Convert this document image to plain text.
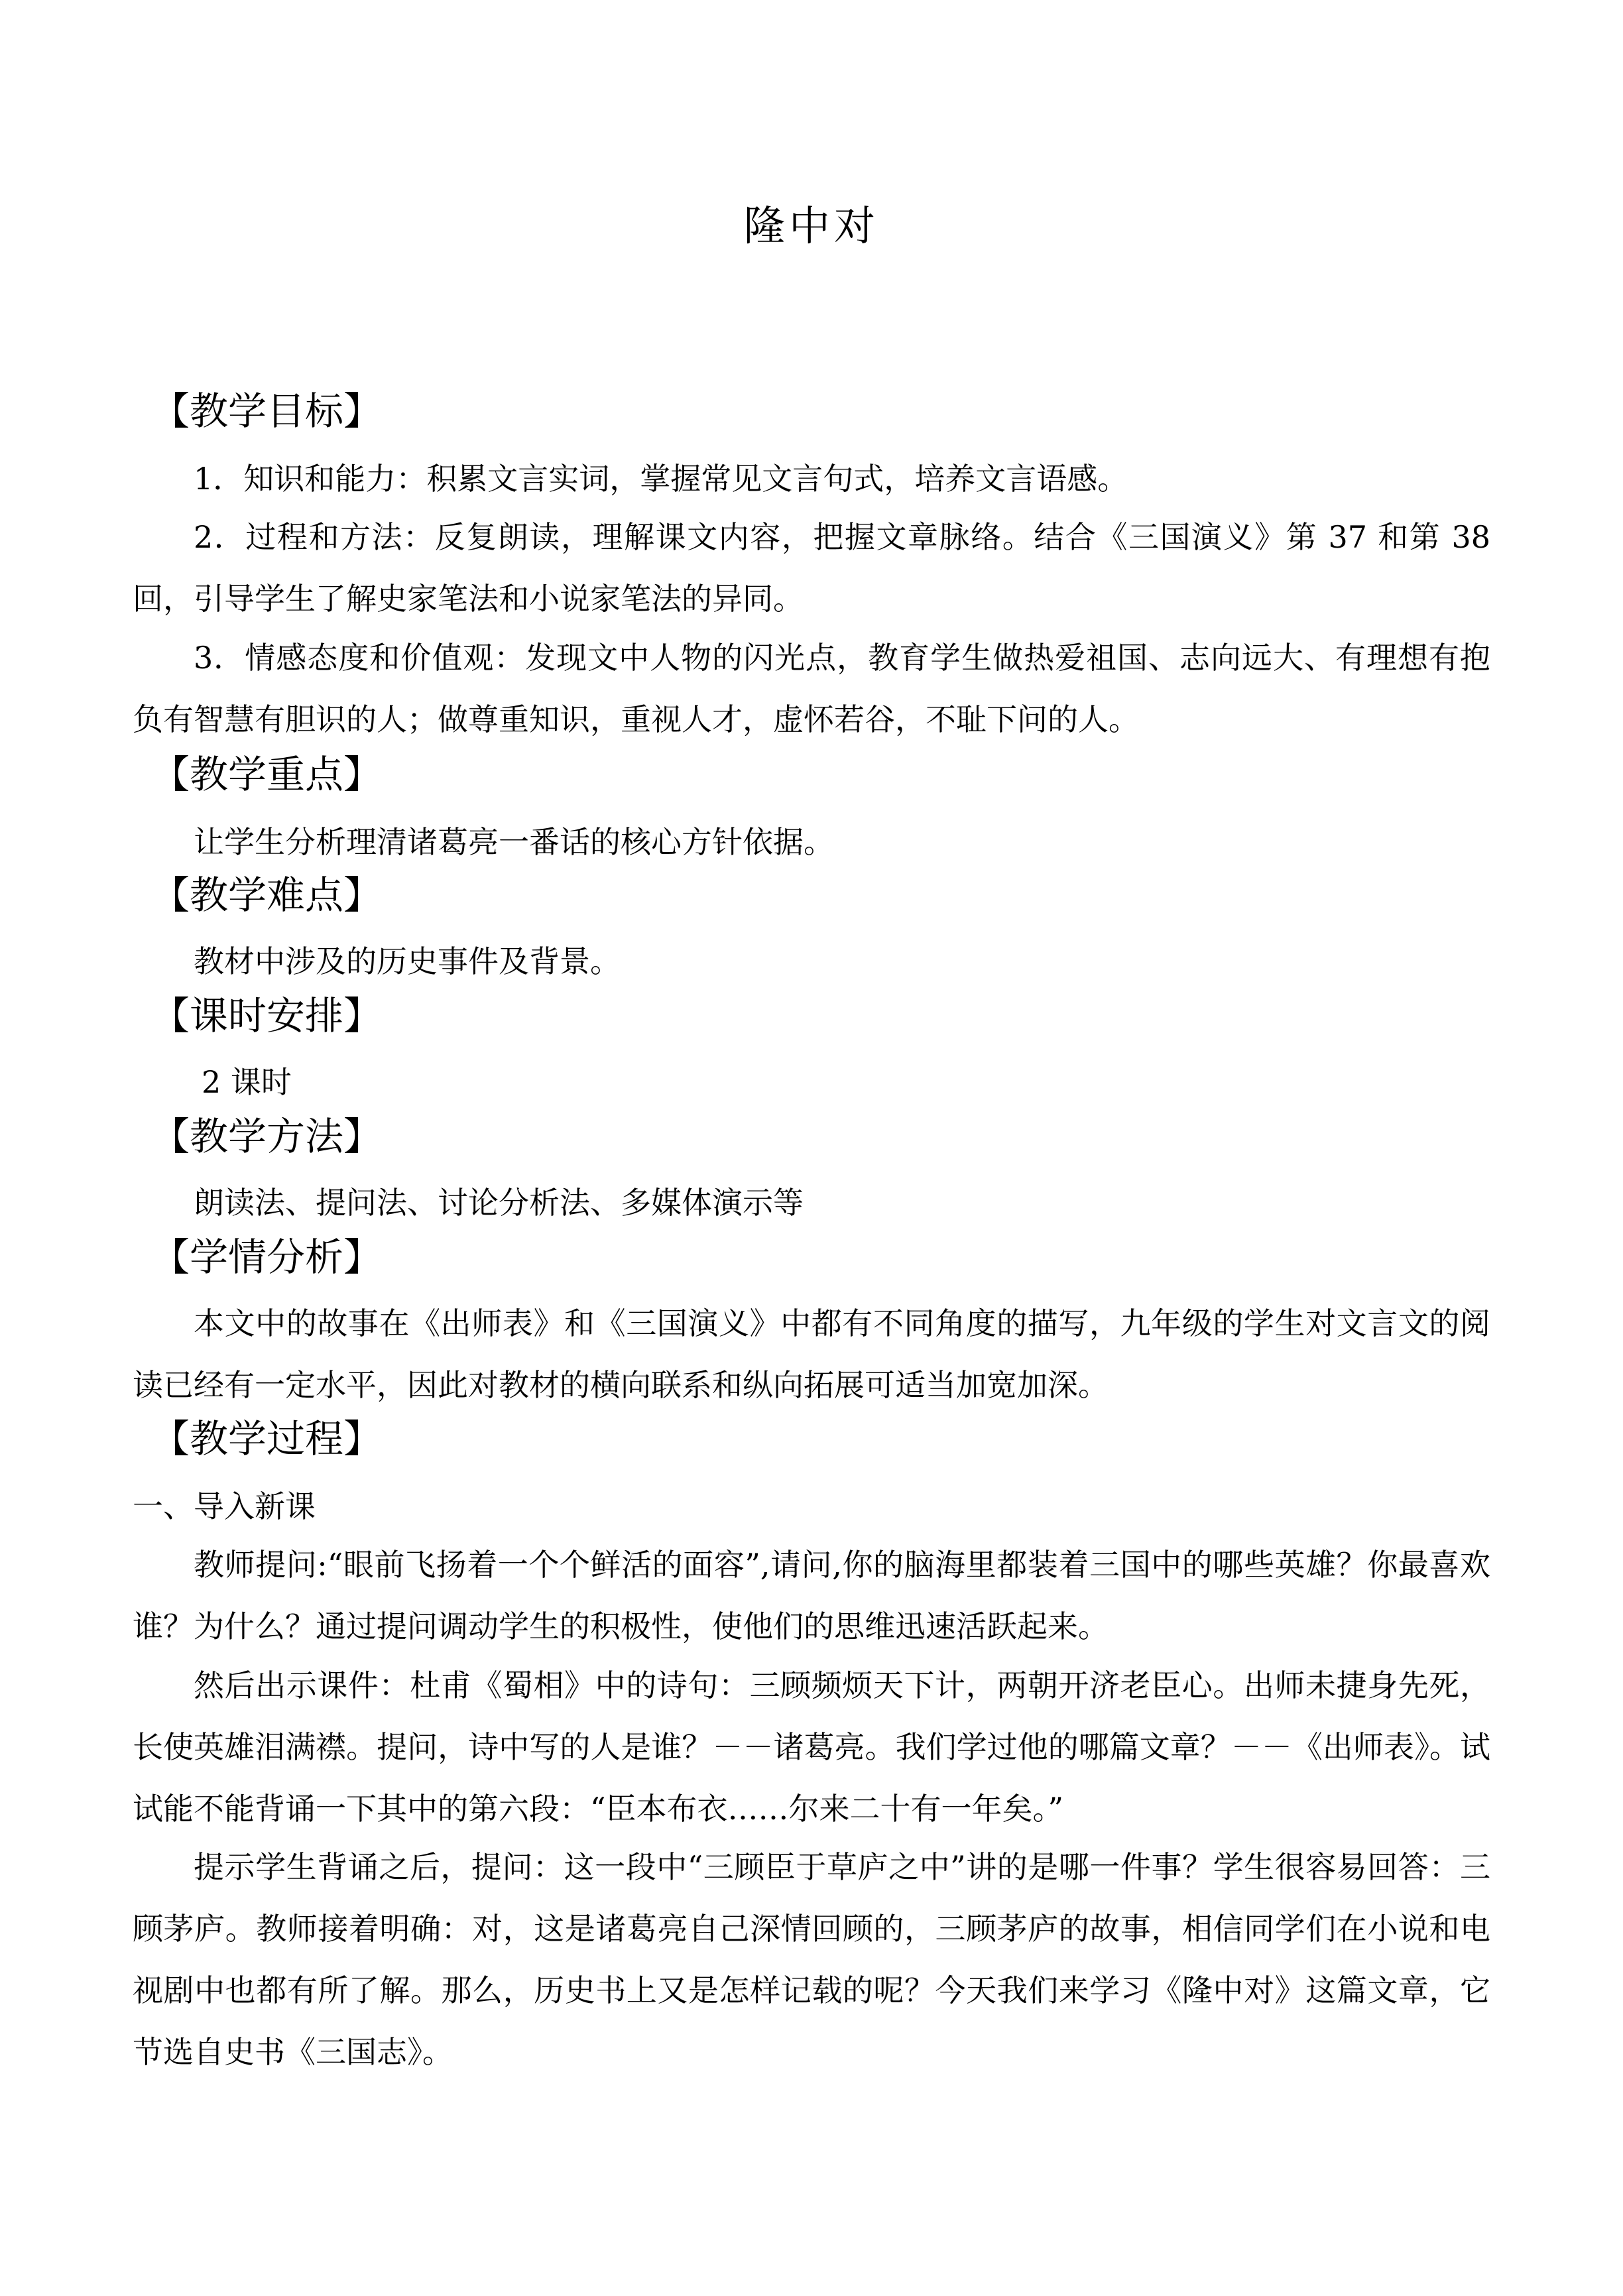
隆中对
【教学目标】
1．知识和能力：积累文言实词，掌握常见文言句式，培养文言语感。
2．过程和方法：反复朗读，理解课文内容，把握文章脉络。结合《三国演义》第 37 和第 38 回，引导学生了解史家笔法和小说家笔法的异同。
3．情感态度和价值观：发现文中人物的闪光点，教育学生做热爱祖国、志向远大、有理想有抱负有智慧有胆识的人；做尊重知识，重视人才，虚怀若谷，不耻下问的人。
【教学重点】
让学生分析理清诸葛亮一番话的核心方针依据。
【教学难点】
教材中涉及的历史事件及背景。
【课时安排】
2 课时
【教学方法】
朗读法、提问法、讨论分析法、多媒体演示等
【学情分析】
本文中的故事在《出师表》和《三国演义》中都有不同角度的描写，九年级的学生对文言文的阅读已经有一定水平，因此对教材的横向联系和纵向拓展可适当加宽加深。
【教学过程】
一、导入新课
教师提问:“眼前飞扬着一个个鲜活的面容”,请问,你的脑海里都装着三国中的哪些英雄？你最喜欢谁？为什么？通过提问调动学生的积极性，使他们的思维迅速活跃起来。
然后出示课件：杜甫《蜀相》中的诗句：三顾频烦天下计，两朝开济老臣心。出师未捷身先死，长使英雄泪满襟。提问，诗中写的人是谁？－－诸葛亮。我们学过他的哪篇文章？－－《出师表》。试试能不能背诵一下其中的第六段：“臣本布衣……尔来二十有一年矣。”
提示学生背诵之后，提问：这一段中“三顾臣于草庐之中”讲的是哪一件事？学生很容易回答：三顾茅庐。教师接着明确：对，这是诸葛亮自己深情回顾的，三顾茅庐的故事，相信同学们在小说和电视剧中也都有所了解。那么，历史书上又是怎样记载的呢？今天我们来学习《隆中对》这篇文章，它节选自史书《三国志》。
